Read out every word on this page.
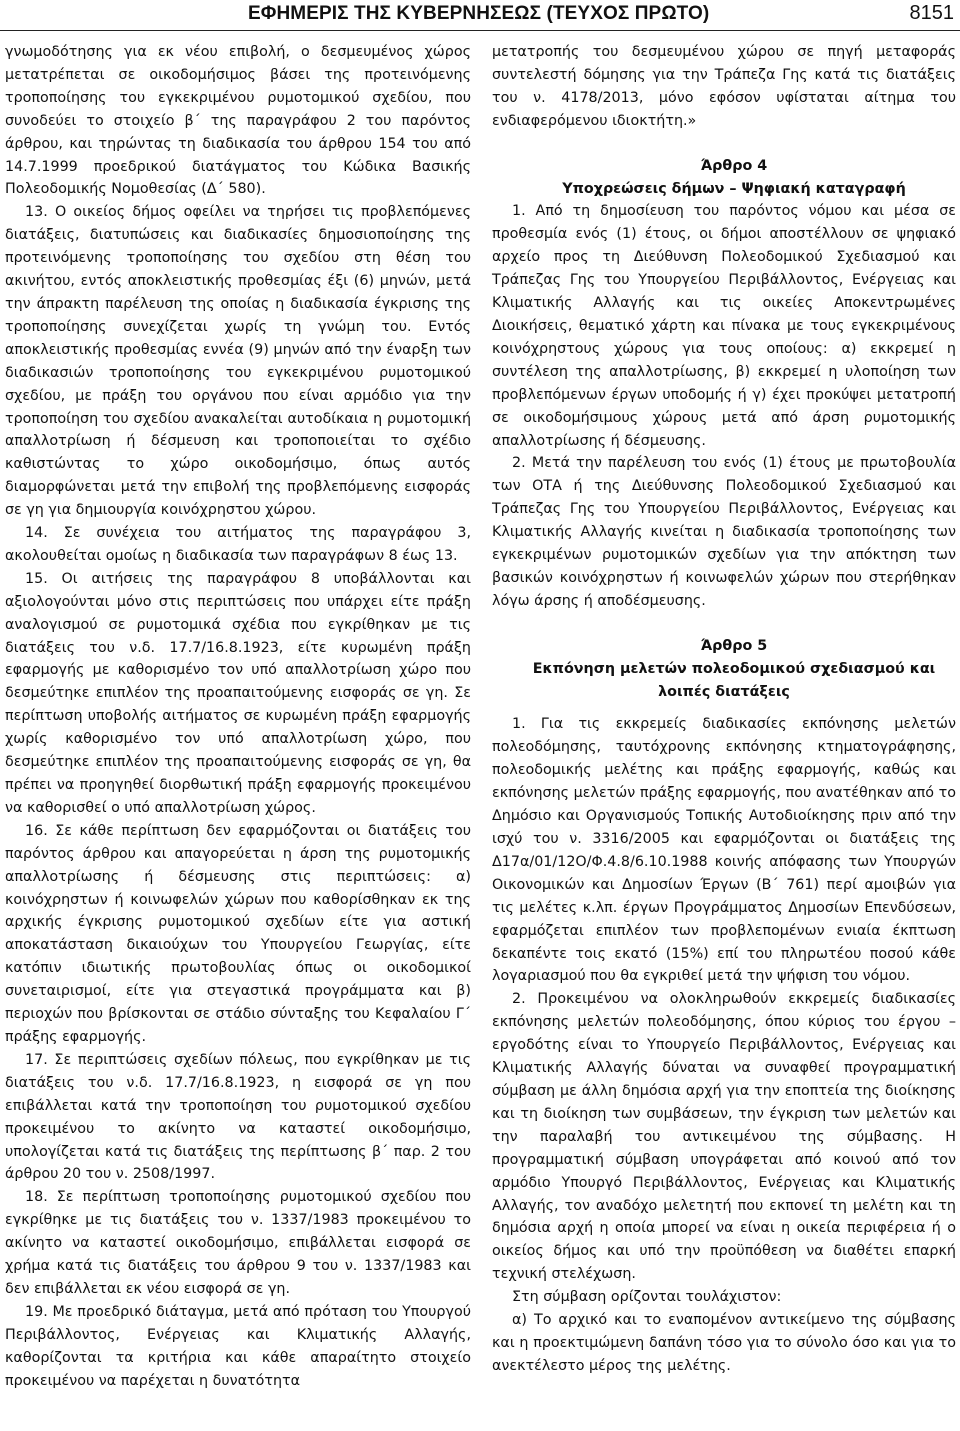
ΕΦΗΜΕΡΙΣ ΤΗΣ ΚΥΒΕΡΝΗΣΕΩΣ (ΤΕΥΧΟΣ ΠΡΩΤΟ)	8151

γνωμοδότησης για εκ νέου επιβολή, ο δεσμευμένος χώρος μετατρέπεται σε οικοδομήσιμος βάσει της προτεινόμενης τροποποίησης του εγκεκριμένου ρυμοτομικού σχεδίου, που συνοδεύει το στοιχείο β΄ της παραγράφου 2 του παρόντος άρθρου, και τηρώντας τη διαδικασία του άρθρου 154 του από 14.7.1999 προεδρικού διατάγματος του Κώδικα Βασικής Πολεοδομικής Νομοθεσίας (Δ΄ 580).

13. Ο οικείος δήμος οφείλει να τηρήσει τις προβλεπόμενες διατάξεις, διατυπώσεις και διαδικασίες δημοσιοποίησης της προτεινόμενης τροποποίησης του σχεδίου στη θέση του ακινήτου, εντός αποκλειστικής προθεσμίας έξι (6) μηνών, μετά την άπρακτη παρέλευση της οποίας η διαδικασία έγκρισης της τροποποίησης συνεχίζεται χωρίς τη γνώμη του. Εντός αποκλειστικής προθεσμίας εννέα (9) μηνών από την έναρξη των διαδικασιών τροποποίησης του εγκεκριμένου ρυμοτομικού σχεδίου, με πράξη του οργάνου που είναι αρμόδιο για την τροποποίηση του σχεδίου ανακαλείται αυτοδίκαια η ρυμοτομική απαλλοτρίωση ή δέσμευση και τροποποιείται το σχέδιο καθιστώντας το χώρο οικοδομήσιμο, όπως αυτός διαμορφώνεται μετά την επιβολή της προβλεπόμενης εισφοράς σε γη για δημιουργία κοινόχρηστου χώρου.

14. Σε συνέχεια του αιτήματος της παραγράφου 3, ακολουθείται ομοίως η διαδικασία των παραγράφων 8 έως 13.

15. Οι αιτήσεις της παραγράφου 8 υποβάλλονται και αξιολογούνται μόνο στις περιπτώσεις που υπάρχει είτε πράξη αναλογισμού σε ρυμοτομικά σχέδια που εγκρίθηκαν με τις διατάξεις του ν.δ. 17.7/16.8.1923, είτε κυρωμένη πράξη εφαρμογής με καθορισμένο τον υπό απαλλοτρίωση χώρο που δεσμεύτηκε επιπλέον της προαπαιτούμενης εισφοράς σε γη. Σε περίπτωση υποβολής αιτήματος σε κυρωμένη πράξη εφαρμογής χωρίς καθορισμένο τον υπό απαλλοτρίωση χώρο, που δεσμεύτηκε επιπλέον της προαπαιτούμενης εισφοράς σε γη, θα πρέπει να προηγηθεί διορθωτική πράξη εφαρμογής προκειμένου να καθορισθεί ο υπό απαλλοτρίωση χώρος.

16. Σε κάθε περίπτωση δεν εφαρμόζονται οι διατάξεις του παρόντος άρθρου και απαγορεύεται η άρση της ρυμοτομικής απαλλοτρίωσης ή δέσμευσης στις περιπτώσεις: α) κοινόχρηστων ή κοινωφελών χώρων που καθορίσθηκαν εκ της αρχικής έγκρισης ρυμοτομικού σχεδίων είτε για αστική αποκατάσταση δικαιούχων του Υπουργείου Γεωργίας, είτε κατόπιν ιδιωτικής πρωτοβουλίας όπως οι οικοδομικοί συνεταιρισμοί, είτε για στεγαστικά προγράμματα και β) περιοχών που βρίσκονται σε στάδιο σύνταξης του Κεφαλαίου Γ΄ πράξης εφαρμογής.

17. Σε περιπτώσεις σχεδίων πόλεως, που εγκρίθηκαν με τις διατάξεις του ν.δ. 17.7/16.8.1923, η εισφορά σε γη που επιβάλλεται κατά την τροποποίηση του ρυμοτομικού σχεδίου προκειμένου το ακίνητο να καταστεί οικοδομήσιμο, υπολογίζεται κατά τις διατάξεις της περίπτωσης β΄ παρ. 2 του άρθρου 20 του ν. 2508/1997.

18. Σε περίπτωση τροποποίησης ρυμοτομικού σχεδίου που εγκρίθηκε με τις διατάξεις του ν. 1337/1983 προκειμένου το ακίνητο να καταστεί οικοδομήσιμο, επιβάλλεται εισφορά σε χρήμα κατά τις διατάξεις του άρθρου 9 του ν. 1337/1983 και δεν επιβάλλεται εκ νέου εισφορά σε γη.

19. Με προεδρικό διάταγμα, μετά από πρόταση του Υπουργού Περιβάλλοντος, Ενέργειας και Κλιματικής Αλλαγής, καθορίζονται τα κριτήρια και κάθε απαραίτητο στοιχείο προκειμένου να παρέχεται η δυνατότητα

μετατροπής του δεσμευμένου χώρου σε πηγή μεταφοράς συντελεστή δόμησης για την Τράπεζα Γης κατά τις διατάξεις του ν. 4178/2013, μόνο εφόσον υφίσταται αίτημα του ενδιαφερόμενου ιδιοκτήτη.»

Άρθρο 4

Υποχρεώσεις δήμων – Ψηφιακή καταγραφή

1. Από τη δημοσίευση του παρόντος νόμου και μέσα σε προθεσμία ενός (1) έτους, οι δήμοι αποστέλλουν σε ψηφιακό αρχείο προς τη Διεύθυνση Πολεοδομικού Σχεδιασμού και Τράπεζας Γης του Υπουργείου Περιβάλλοντος, Ενέργειας και Κλιματικής Αλλαγής και τις οικείες Αποκεντρωμένες Διοικήσεις, θεματικό χάρτη και πίνακα με τους εγκεκριμένους κοινόχρηστους χώρους για τους οποίους: α) εκκρεμεί η συντέλεση της απαλλοτρίωσης, β) εκκρεμεί η υλοποίηση των προβλεπόμενων έργων υποδομής ή γ) έχει προκύψει μετατροπή σε οικοδομήσιμους χώρους μετά από άρση ρυμοτομικής απαλλοτρίωσης ή δέσμευσης.

2. Μετά την παρέλευση του ενός (1) έτους με πρωτοβουλία των ΟΤΑ ή της Διεύθυνσης Πολεοδομικού Σχεδιασμού και Τράπεζας Γης του Υπουργείου Περιβάλλοντος, Ενέργειας και Κλιματικής Αλλαγής κινείται η διαδικασία τροποποίησης των εγκεκριμένων ρυμοτομικών σχεδίων για την απόκτηση των βασικών κοινόχρηστων ή κοινωφελών χώρων που στερήθηκαν λόγω άρσης ή αποδέσμευσης.

Άρθρο 5

Εκπόνηση μελετών πολεοδομικού σχεδιασμού και λοιπές διατάξεις

1. Για τις εκκρεμείς διαδικασίες εκπόνησης μελετών πολεοδόμησης, ταυτόχρονης εκπόνησης κτηματογράφησης, πολεοδομικής μελέτης και πράξης εφαρμογής, καθώς και εκπόνησης μελετών πράξης εφαρμογής, που ανατέθηκαν από το Δημόσιο και Οργανισμούς Τοπικής Αυτοδιοίκησης πριν από την ισχύ του ν. 3316/2005 και εφαρμόζονται οι διατάξεις της Δ17α/01/12Ο/Φ.4.8/6.10.1988 κοινής απόφασης των Υπουργών Οικονομικών και Δημοσίων Έργων (Β΄ 761) περί αμοιβών για τις μελέτες κ.λπ. έργων Προγράμματος Δημοσίων Επενδύσεων, εφαρμόζεται επιπλέον των προβλεπομένων ενιαία έκπτωση δεκαπέντε τοις εκατό (15%) επί του πληρωτέου ποσού κάθε λογαριασμού που θα εγκριθεί μετά την ψήφιση του νόμου.

2. Προκειμένου να ολοκληρωθούν εκκρεμείς διαδικασίες εκπόνησης μελετών πολεοδόμησης, όπου κύριος του έργου – εργοδότης είναι το Υπουργείο Περιβάλλοντος, Ενέργειας και Κλιματικής Αλλαγής δύναται να συναφθεί προγραμματική σύμβαση με άλλη δημόσια αρχή για την εποπτεία της διοίκησης και τη διοίκηση των συμβάσεων, την έγκριση των μελετών και την παραλαβή του αντικειμένου της σύμβασης. Η προγραμματική σύμβαση υπογράφεται από κοινού από τον αρμόδιο Υπουργό Περιβάλλοντος, Ενέργειας και Κλιματικής Αλλαγής, τον αναδόχο μελετητή που εκπονεί τη μελέτη και τη δημόσια αρχή η οποία μπορεί να είναι η οικεία περιφέρεια ή ο οικείος δήμος και υπό την προϋπόθεση να διαθέτει επαρκή τεχνική στελέχωση.

Στη σύμβαση ορίζονται τουλάχιστον:

α) Το αρχικό και το εναπομένον αντικείμενο της σύμβασης και η προεκτιμώμενη δαπάνη τόσο για το σύνολο όσο και για το ανεκτέλεστο μέρος της μελέτης.
